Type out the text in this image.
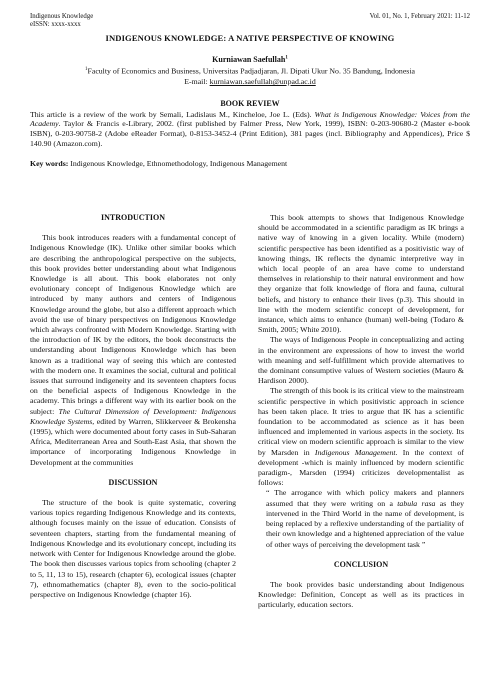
Indigenous Knowledge
eISSN: xxxx-xxxx
Vol. 01, No. 1, February 2021: 11-12
INDIGENOUS KNOWLEDGE: A NATIVE PERSPECTIVE OF KNOWING
Kurniawan Saefullah$^1$
$^1$Faculty of Economics and Business, Universitas Padjadjaran, Jl. Dipati Ukur No. 35 Bandung, Indonesia
E-mail: kurniawan.saefullah@unpad.ac.id
BOOK REVIEW
This article is a review of the work by Semali, Ladislaus M., Kincheloe, Joe L. (Eds). What is Indigenous Knowledge: Voices from the Academy. Taylor & Francis e-Library, 2002. (first published by Falmer Press, New York, 1999), ISBN: 0-203-90680-2 (Master e-book ISBN), 0-203-90758-2 (Adobe eReader Format), 0-8153-3452-4 (Print Edition), 381 pages (incl. Bibliography and Appendices), Price $ 140.90 (Amazon.com).
Key words: Indigenous Knowledge, Ethnomethodology, Indigenous Management
INTRODUCTION

This book introduces readers with a fundamental concept of Indigenous Knowledge (IK). Unlike other similar books which are describing the anthropological perspective on the subjects, this book provides better understanding about what Indigenous Knowledge is all about. This book elaborates not only evolutionary concept of Indigenous Knowledge which are introduced by many authors and centers of Indigenous Knowledge around the globe, but also a different approach which avoid the use of binary perspectives on Indigenous Knowledge which always confronted with Modern Knowledge. Starting with the introduction of IK by the editors, the book deconstructs the understanding about Indigenous Knowledge which has been known as a traditional way of seeing this which are contested with the modern one. It examines the social, cultural and political issues that surround indigeneity and its seventeen chapters focus on the beneficial aspects of Indigenous Knowledge in the academy. This brings a different way with its earlier book on the subject: The Cultural Dimension of Development: Indigenous Knowledge Systems, edited by Warren, Slikkerveer & Brokensha (1995), which were documented about forty cases in Sub-Saharan Africa, Mediterranean Area and South-East Asia, that shown the importance of incorporating Indigenous Knowledge in Development at the communities

DISCUSSION

The structure of the book is quite systematic, covering various topics regarding Indigenous Knowledge and its contexts, although focuses mainly on the issue of education. Consists of seventeen chapters, starting from the fundamental meaning of Indigenous Knowledge and its evolutionary concept, including its network with Center for Indigenous Knowledge around the globe. The book then discusses various topics from schooling (chapter 2 to 5, 11, 13 to 15), research (chapter 6), ecological issues (chapter 7), ethnomathematics (chapter 8), even to the socio-political perspective on Indigenous Knowledge (chapter 16).

This book attempts to shows that Indigenous Knowledge should be accommodated in a scientific paradigm as IK brings a native way of knowing in a given locality. While (modern) scientific perspective has been identified as a positivistic way of knowing things, IK reflects the dynamic interpretive way in which local people of an area have come to understand themselves in relationship to their natural environment and how they organize that folk knowledge of flora and fauna, cultural beliefs, and history to enhance their lives (p.3). This should in line with the modern scientific concept of development, for instance, which aims to enhance (human) well-being (Todaro & Smith, 2005; White 2010).

The ways of Indigenous People in conceptualizing and acting in the environment are expressions of how to invest the world with meaning and self-fulfillment which provide alternatives to the dominant consumptive values of Western societies (Mauro & Hardison 2000).

The strength of this book is its critical view to the mainstream scientific perspective in which positivistic approach in science has been taken place. It tries to argue that IK has a scientific foundation to be accommodated as science as it has been influenced and implemented in various aspects in the society. Its critical view on modern scientific approach is similar to the view by Marsden in Indigenous Management. In the context of development -which is mainly influenced by modern scientific paradigm-, Marsden (1994) criticizes developmentalist as follows:

“ The arrogance with which policy makers and planners assumed that they were writing on a tabula rasa as they intervened in the Third World in the name of development, is being replaced by a reflexive understanding of the partiality of their own knowledge and a hightened appreciation of the value of other ways of perceiving the development task ”

CONCLUSION

The book provides basic understanding about Indigenous Knowledge: Definition, Concept as well as its practices in particularly, education sectors.
